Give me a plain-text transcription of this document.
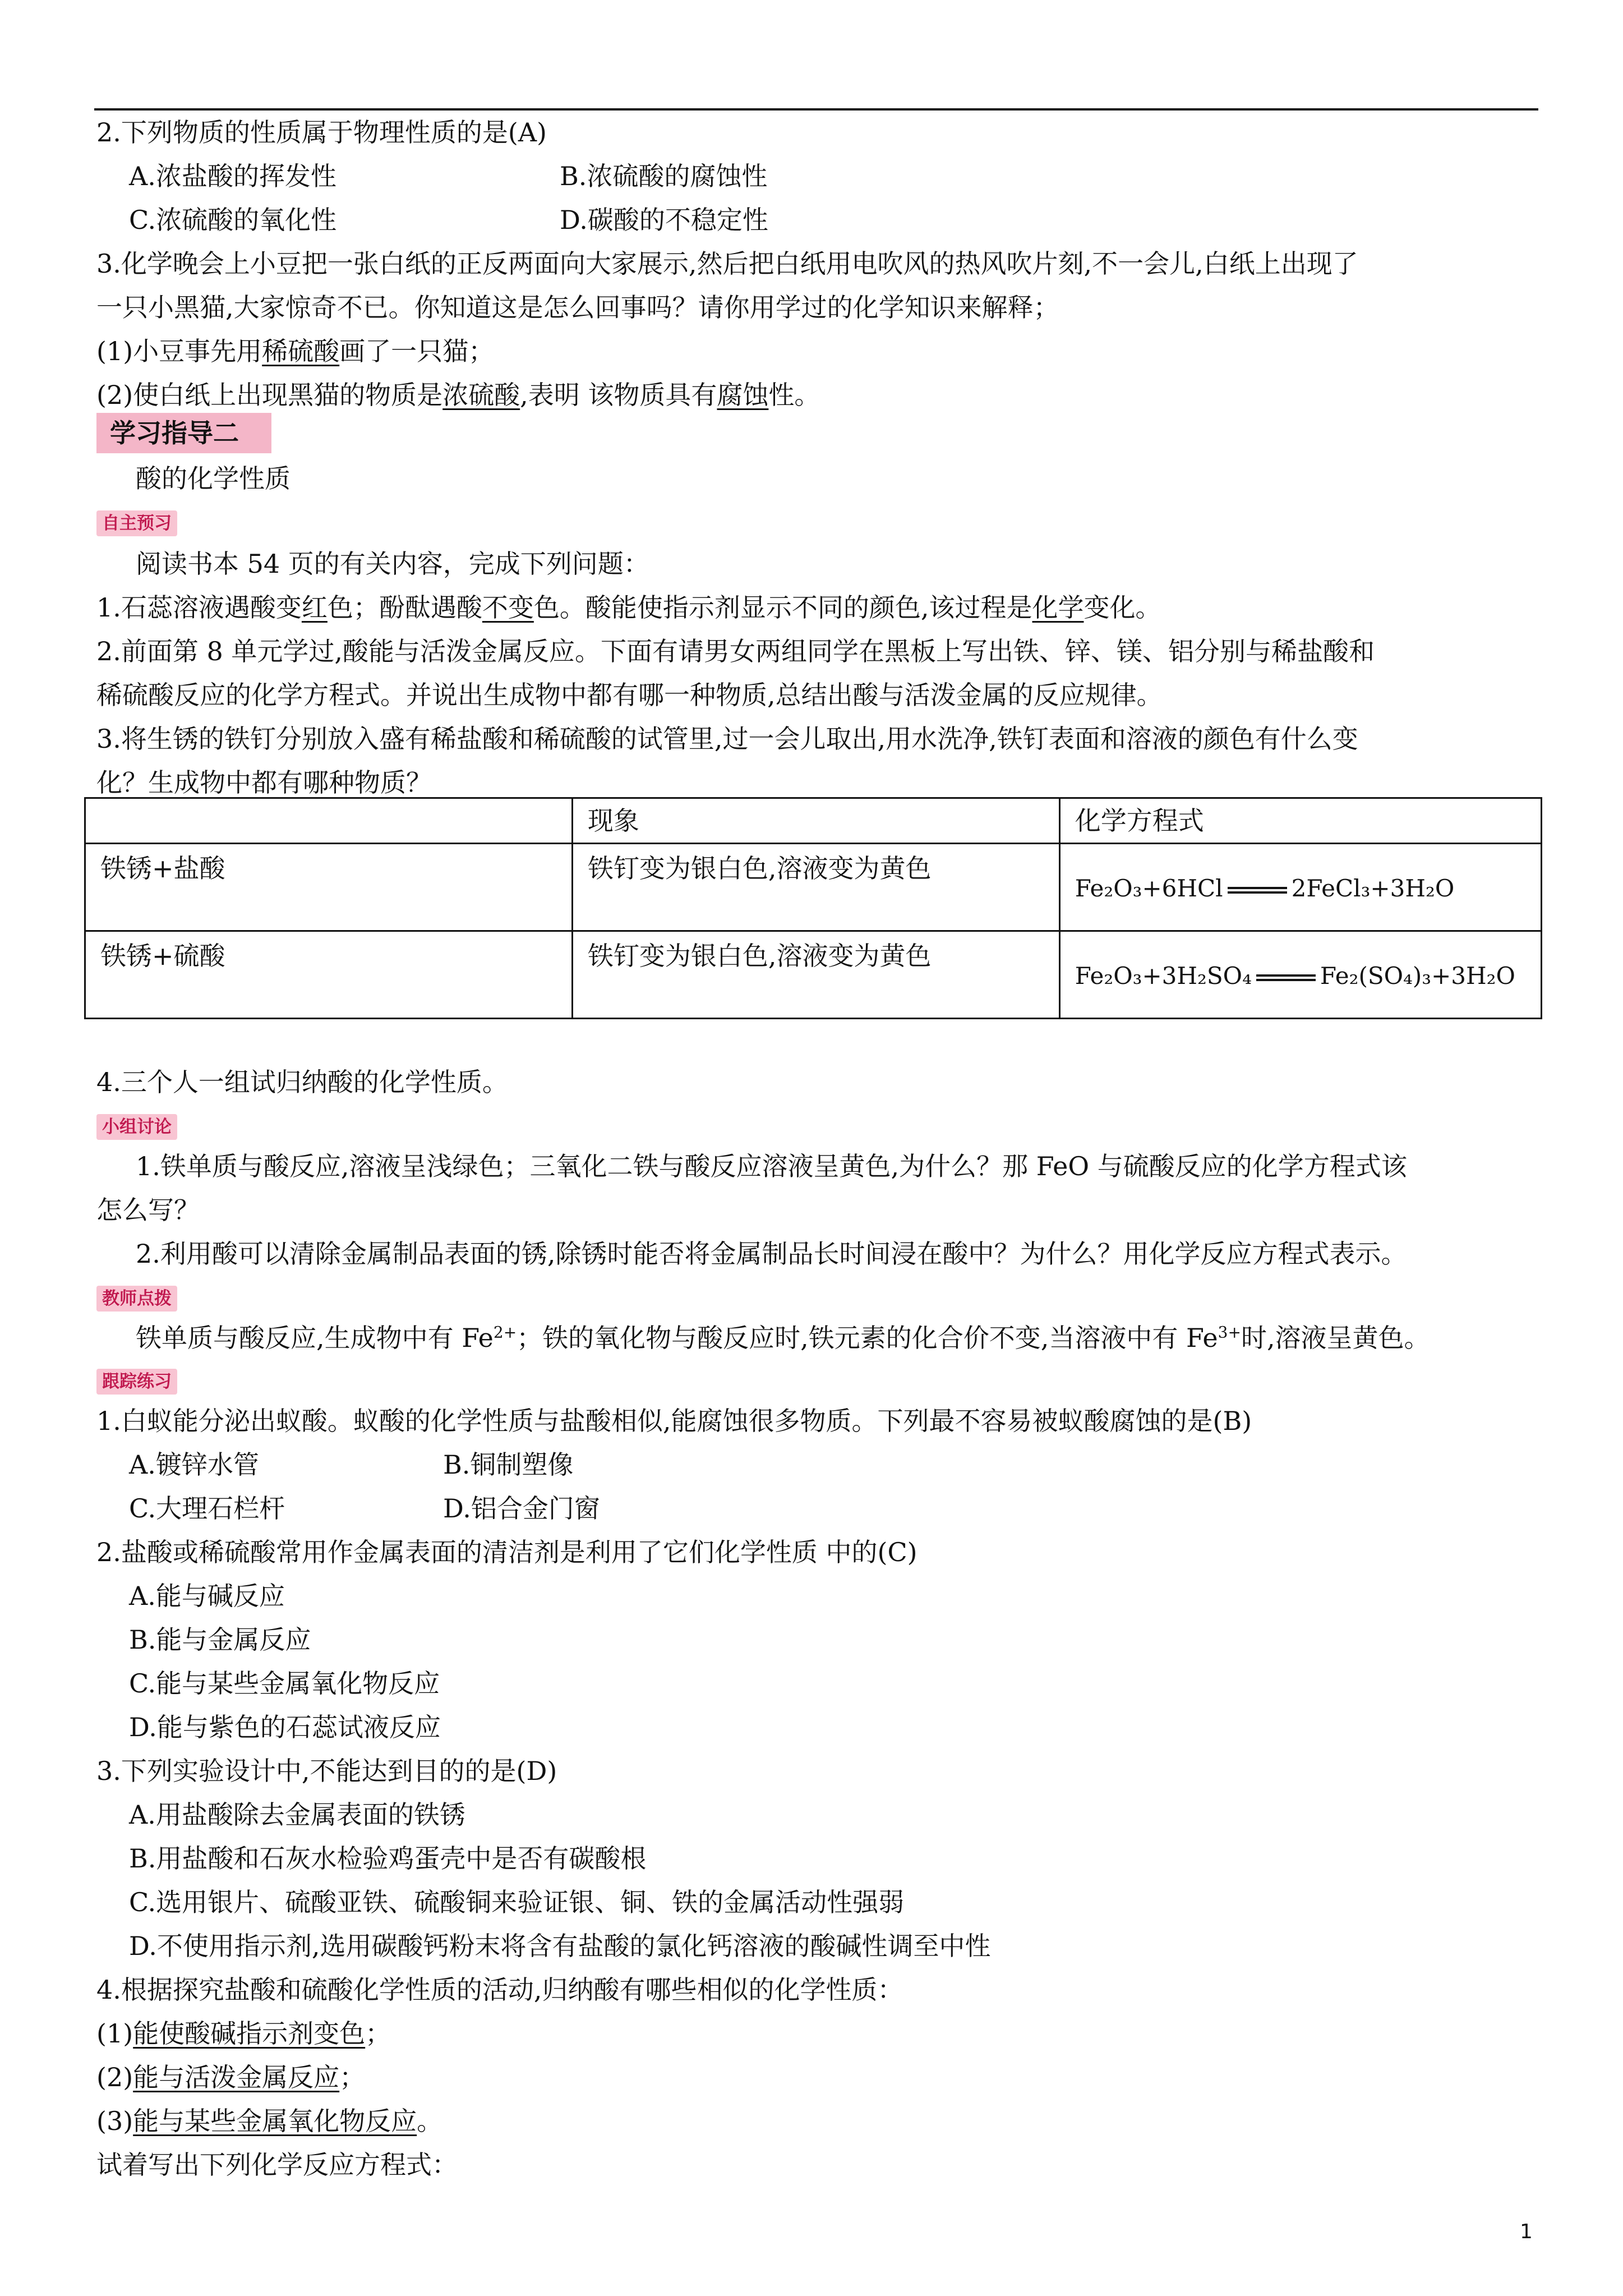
2.下列物质的性质属于物理性质的是(A)
A.浓盐酸的挥发性	B.浓硫酸的腐蚀性
C.浓硫酸的氧化性	D.碳酸的不稳定性
3.化学晚会上小豆把一张白纸的正反两面向大家展示,然后把白纸用电吹风的热风吹片刻,不一会儿,白纸上出现了
一只小黑猫,大家惊奇不已。你知道这是怎么回事吗？请你用学过的化学知识来解释；
(1)小豆事先用稀硫酸画了一只猫；
(2)使白纸上出现黑猫的物质是浓硫酸,表明 该物质具有腐蚀性。
学习指导二
酸的化学性质
自主预习
阅读书本 54 页的有关内容，完成下列问题：
1.石蕊溶液遇酸变红色；酚酞遇酸不变色。酸能使指示剂显示不同的颜色,该过程是化学变化。
2.前面第 8 单元学过,酸能与活泼金属反应。下面有请男女两组同学在黑板上写出铁、锌、镁、铝分别与稀盐酸和
稀硫酸反应的化学方程式。并说出生成物中都有哪一种物质,总结出酸与活泼金属的反应规律。
3.将生锈的铁钉分别放入盛有稀盐酸和稀硫酸的试管里,过一会儿取出,用水洗净,铁钉表面和溶液的颜色有什么变
化？生成物中都有哪种物质？
	现象	化学方程式
铁锈+盐酸	铁钉变为银白色,溶液变为黄色	Fe₂O₃+6HCl 2FeCl₃+3H₂O
铁锈+硫酸	铁钉变为银白色,溶液变为黄色	Fe₂O₃+3H₂SO₄ Fe₂(SO₄)₃+3H₂O
4.三个人一组试归纳酸的化学性质。
小组讨论
1.铁单质与酸反应,溶液呈浅绿色；三氧化二铁与酸反应溶液呈黄色,为什么？那 FeO 与硫酸反应的化学方程式该
怎么写？
2.利用酸可以清除金属制品表面的锈,除锈时能否将金属制品长时间浸在酸中？为什么？用化学反应方程式表示。
教师点拨
铁单质与酸反应,生成物中有 $Fe^{2+}$；铁的氧化物与酸反应时,铁元素的化合价不变,当溶液中有 $Fe^{3+}$时,溶液呈黄色。
跟踪练习
1.白蚁能分泌出蚁酸。蚁酸的化学性质与盐酸相似,能腐蚀很多物质。下列最不容易被蚁酸腐蚀的是(B)
A.镀锌水管	B.铜制塑像
C.大理石栏杆	D.铝合金门窗
2.盐酸或稀硫酸常用作金属表面的清洁剂是利用了它们化学性质 中的(C)
A.能与碱反应
B.能与金属反应
C.能与某些金属氧化物反应
D.能与紫色的石蕊试液反应
3.下列实验设计中,不能达到目的的是(D)
A.用盐酸除去金属表面的铁锈
B.用盐酸和石灰水检验鸡蛋壳中是否有碳酸根
C.选用银片、硫酸亚铁、硫酸铜来验证银、铜、铁的金属活动性强弱
D.不使用指示剂,选用碳酸钙粉末将含有盐酸的氯化钙溶液的酸碱性调至中性
4.根据探究盐酸和硫酸化学性质的活动,归纳酸有哪些相似的化学性质：
(1)能使酸碱指示剂变色；
(2)能与活泼金属反应；
(3)能与某些金属氧化物反应。
试着写出下列化学反应方程式：
1
